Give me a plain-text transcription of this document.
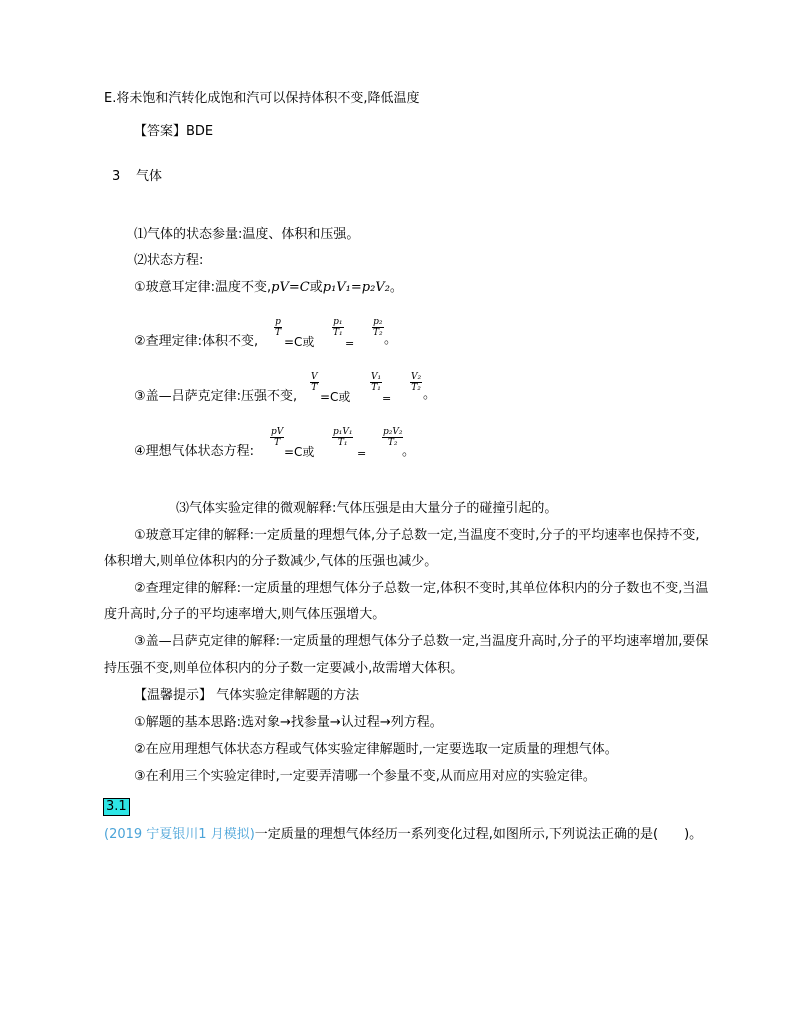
E.将未饱和汽转化成饱和汽可以保持体积不变,降低温度
【答案】BDE
3 气体
⑴气体的状态参量:温度、体积和压强。
⑵状态方程:
①玻意耳定律:温度不变,pV=C或p₁V₁=p₂V₂。
②查理定律:体积不变,
$\frac{p}{T}$
=C或
$\frac{\text{p₁}}{\text{T₁}}$
=
$\frac{\text{p₂}}{\text{T₂}}$
。
③盖—吕萨克定律:压强不变,
$\frac{V}{T}$
=C或
$\frac{\text{V₁}}{\text{T₁}}$
=
$\frac{\text{V₂}}{\text{T₂}}$
。
④理想气体状态方程:
$\frac{pV}{T}$
=C或
$\frac{\text{p₁V₁}}{\text{T₁}}$
=
$\frac{\text{p₂V₂}}{\text{T₂}}$
。
⑶气体实验定律的微观解释:气体压强是由大量分子的碰撞引起的。
①玻意耳定律的解释:一定质量的理想气体,分子总数一定,当温度不变时,分子的平均速率也保持不变,
体积增大,则单位体积内的分子数减少,气体的压强也减少。
②查理定律的解释:一定质量的理想气体分子总数一定,体积不变时,其单位体积内的分子数也不变,当温
度升高时,分子的平均速率增大,则气体压强增大。
③盖—吕萨克定律的解释:一定质量的理想气体分子总数一定,当温度升高时,分子的平均速率增加,要保
持压强不变,则单位体积内的分子数一定要减小,故需增大体积。
【温馨提示】 气体实验定律解题的方法
①解题的基本思路:选对象→找参量→认过程→列方程。
②在应用理想气体状态方程或气体实验定律解题时,一定要选取一定质量的理想气体。
③在利用三个实验定律时,一定要弄清哪一个参量不变,从而应用对应的实验定律。
3.1
(2019 宁夏银川1 月模拟)一定质量的理想气体经历一系列变化过程,如图所示,下列说法正确的是(　　)。
